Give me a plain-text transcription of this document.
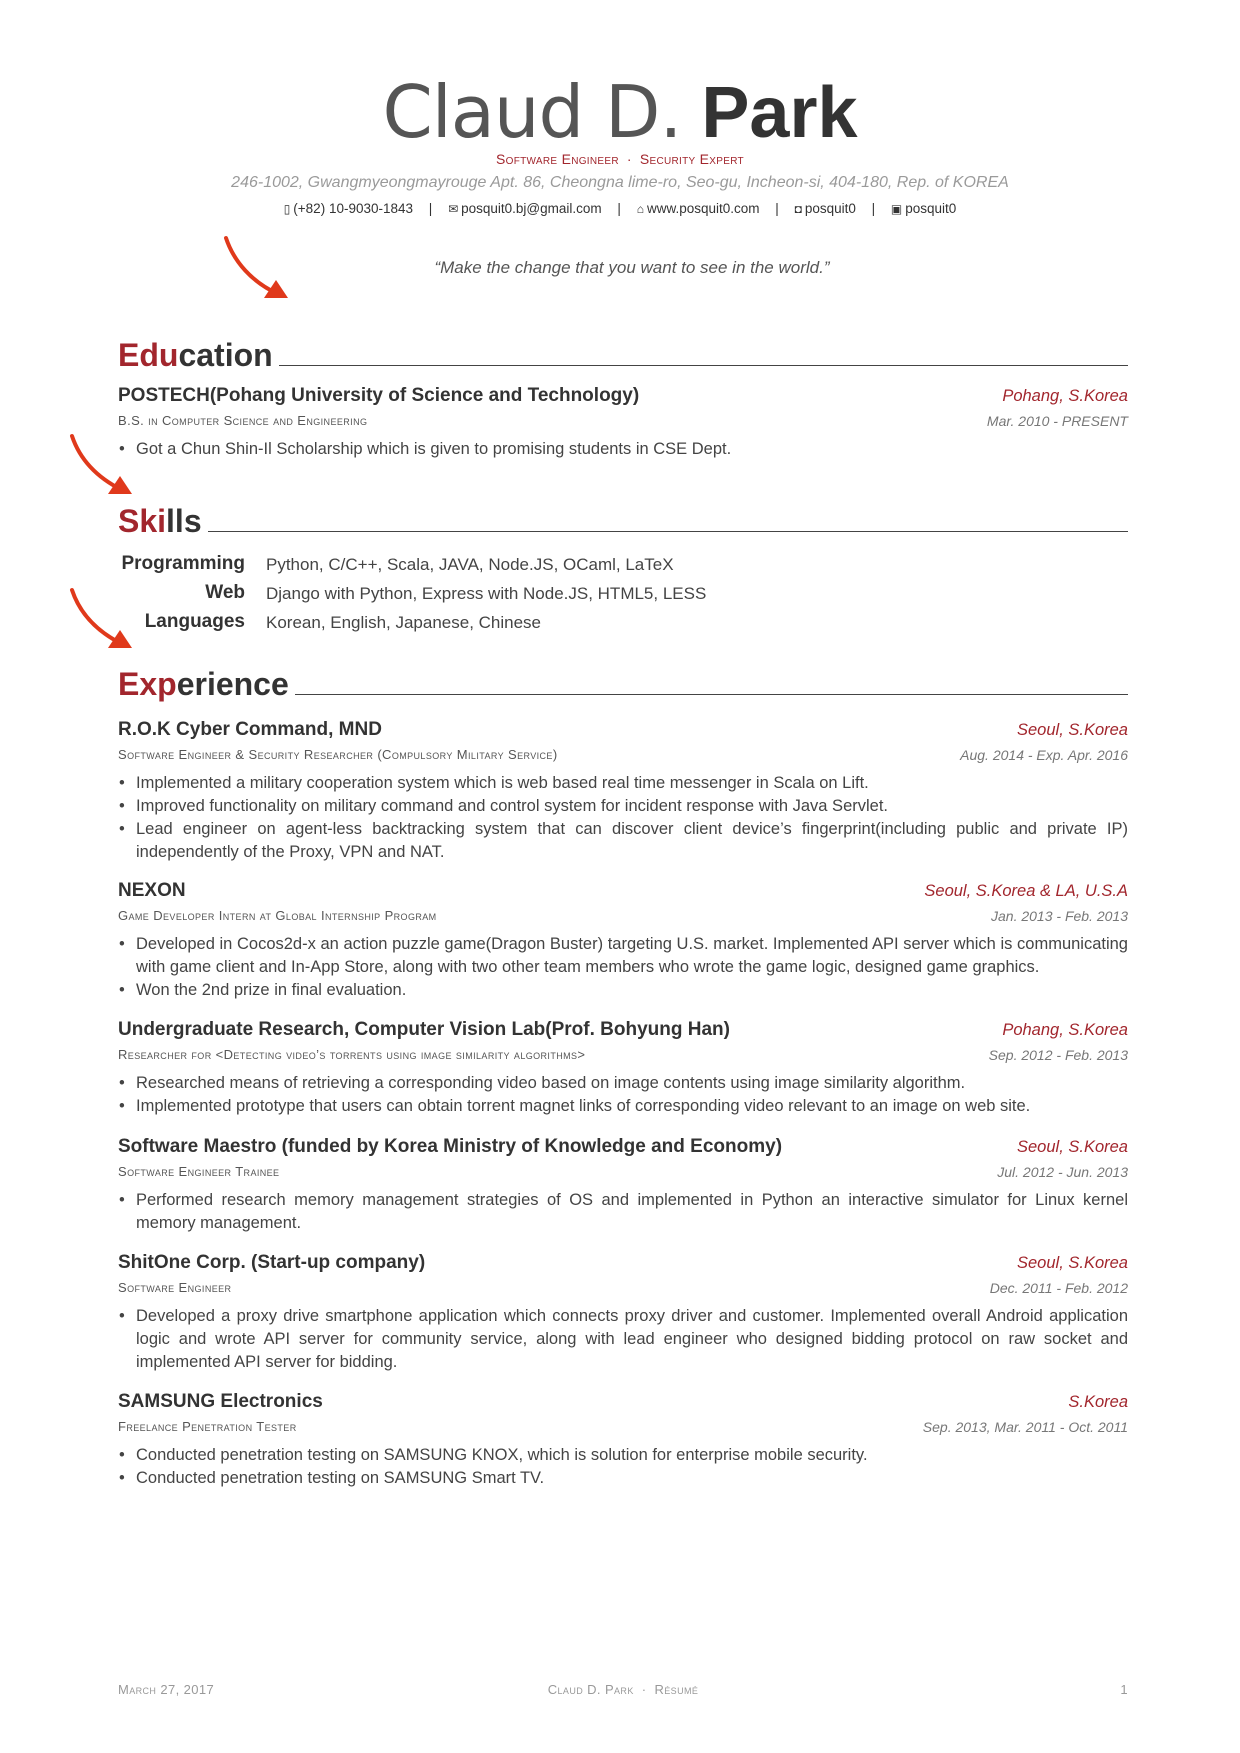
Claud D. Park
Software Engineer · Security Expert
246-1002, Gwangmyeongmayrouge Apt. 86, Cheongna lime-ro, Seo-gu, Incheon-si, 404-180, Rep. of KOREA
▯ (+82) 10-9030-1843 | ✉ posquit0.bj@gmail.com | ⌂ www.posquit0.com | ◘ posquit0 | ▣ posquit0
“Make the change that you want to see in the world.”
Education
POSTECH(Pohang University of Science and Technology)	Pohang, S.Korea
B.S. in Computer Science and Engineering	Mar. 2010 - PRESENT
• Got a Chun Shin-Il Scholarship which is given to promising students in CSE Dept.
Skills
Programming Python, C/C++, Scala, JAVA, Node.JS, OCaml, LaTeX
Web Django with Python, Express with Node.JS, HTML5, LESS
Languages Korean, English, Japanese, Chinese
Experience
R.O.K Cyber Command, MND	Seoul, S.Korea
Software Engineer & Security Researcher (Compulsory Military Service)	Aug. 2014 - Exp. Apr. 2016
• Implemented a military cooperation system which is web based real time messenger in Scala on Lift.
• Improved functionality on military command and control system for incident response with Java Servlet.
• Lead engineer on agent-less backtracking system that can discover client device’s fingerprint(including public and private IP) independently of the Proxy, VPN and NAT.
NEXON	Seoul, S.Korea & LA, U.S.A
Game Developer Intern at Global Internship Program	Jan. 2013 - Feb. 2013
• Developed in Cocos2d-x an action puzzle game(Dragon Buster) targeting U.S. market. Implemented API server which is communicating with game client and In-App Store, along with two other team members who wrote the game logic, designed game graphics.
• Won the 2nd prize in final evaluation.
Undergraduate Research, Computer Vision Lab(Prof. Bohyung Han)	Pohang, S.Korea
Researcher for <Detecting video’s torrents using image similarity algorithms>	Sep. 2012 - Feb. 2013
• Researched means of retrieving a corresponding video based on image contents using image similarity algorithm.
• Implemented prototype that users can obtain torrent magnet links of corresponding video relevant to an image on web site.
Software Maestro (funded by Korea Ministry of Knowledge and Economy)	Seoul, S.Korea
Software Engineer Trainee	Jul. 2012 - Jun. 2013
• Performed research memory management strategies of OS and implemented in Python an interactive simulator for Linux kernel memory management.
ShitOne Corp. (Start-up company)	Seoul, S.Korea
Software Engineer	Dec. 2011 - Feb. 2012
• Developed a proxy drive smartphone application which connects proxy driver and customer. Implemented overall Android application logic and wrote API server for community service, along with lead engineer who designed bidding protocol on raw socket and implemented API server for bidding.
SAMSUNG Electronics	S.Korea
Freelance Penetration Tester	Sep. 2013, Mar. 2011 - Oct. 2011
• Conducted penetration testing on SAMSUNG KNOX, which is solution for enterprise mobile security.
• Conducted penetration testing on SAMSUNG Smart TV.
March 27, 2017	Claud D. Park · Résumé	1
